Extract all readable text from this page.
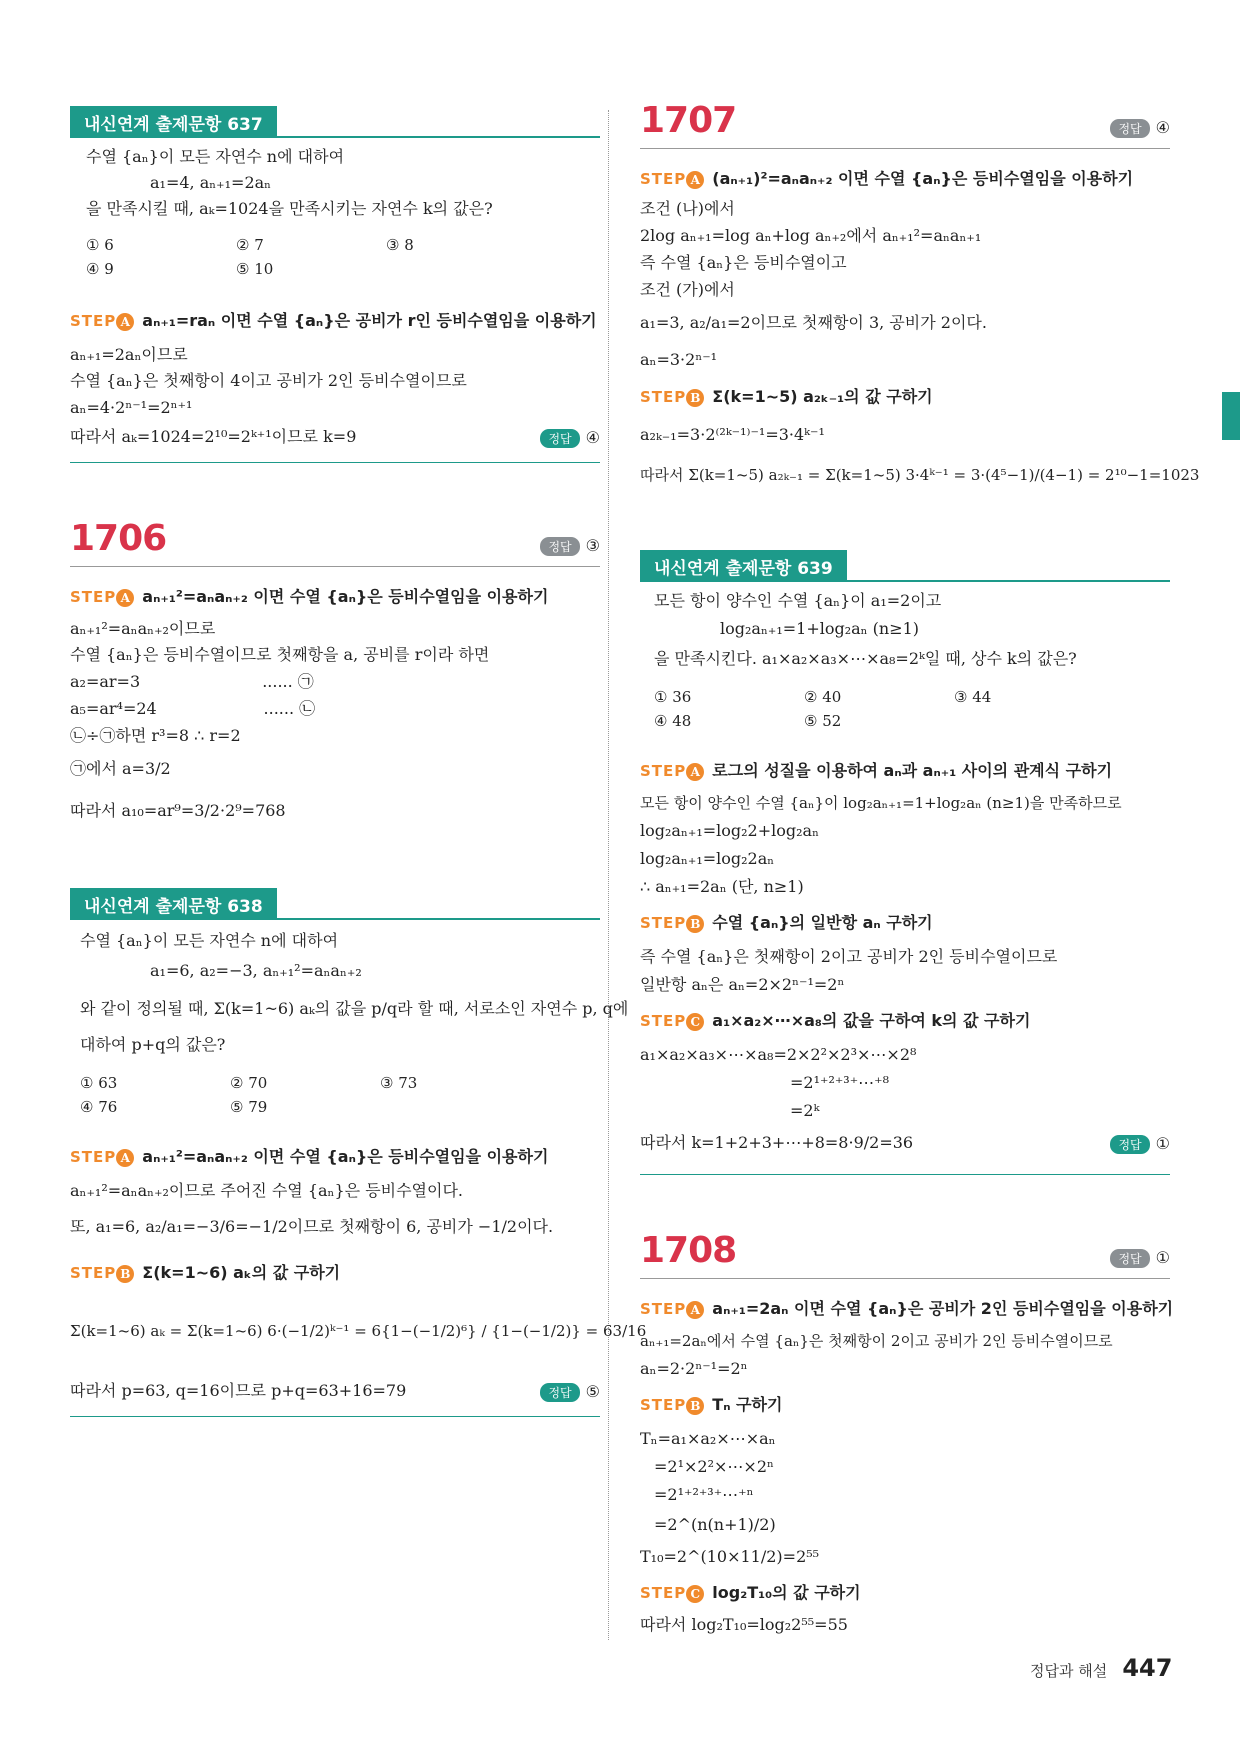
내신연계 출제문항 637
수열 {aₙ}이 모든 자연수 n에 대하여
a₁=4, aₙ₊₁=2aₙ
을 만족시킬 때, aₖ=1024을 만족시키는 자연수 k의 값은?
① 6	② 7	③ 8
④ 9	⑤ 10
STEP A aₙ₊₁=raₙ 이면 수열 {aₙ}은 공비가 r인 등비수열임을 이용하기
aₙ₊₁=2aₙ이므로
수열 {aₙ}은 첫째항이 4이고 공비가 2인 등비수열이므로
aₙ=4·2ⁿ⁻¹=2ⁿ⁺¹
따라서 aₖ=1024=2¹⁰=2ᵏ⁺¹이므로 k=9	정답 ④
1706	정답 ③
STEP A aₙ₊₁²=aₙaₙ₊₂ 이면 수열 {aₙ}은 등비수열임을 이용하기
aₙ₊₁²=aₙaₙ₊₂이므로
수열 {aₙ}은 등비수열이므로 첫째항을 a, 공비를 r이라 하면
a₂=ar=3                        ...... ㉠
a₅=ar⁴=24                     ...... ㉡
㉡÷㉠하면 r³=8 ∴ r=2
㉠에서 a=3/2
따라서 a₁₀=ar⁹=3/2·2⁹=768
내신연계 출제문항 638
수열 {aₙ}이 모든 자연수 n에 대하여
a₁=6, a₂=−3, aₙ₊₁²=aₙaₙ₊₂
와 같이 정의될 때, Σ(k=1~6) aₖ의 값을 p/q라 할 때, 서로소인 자연수 p, q에
대하여 p+q의 값은?
① 63	② 70	③ 73
④ 76	⑤ 79
STEP A aₙ₊₁²=aₙaₙ₊₂ 이면 수열 {aₙ}은 등비수열임을 이용하기
aₙ₊₁²=aₙaₙ₊₂이므로 주어진 수열 {aₙ}은 등비수열이다.
또, a₁=6, a₂/a₁=−3/6=−1/2이므로 첫째항이 6, 공비가 −1/2이다.
STEP B Σ(k=1~6) aₖ의 값 구하기
Σ(k=1~6) aₖ = Σ(k=1~6) 6·(−1/2)ᵏ⁻¹ = 6{1−(−1/2)⁶} / {1−(−1/2)} = 63/16
따라서 p=63, q=16이므로 p+q=63+16=79	정답 ⑤
1707	정답 ④
STEP A (aₙ₊₁)²=aₙaₙ₊₂ 이면 수열 {aₙ}은 등비수열임을 이용하기
조건 (나)에서
2log aₙ₊₁=log aₙ+log aₙ₊₂에서 aₙ₊₁²=aₙaₙ₊₁
즉 수열 {aₙ}은 등비수열이고
조건 (가)에서
a₁=3, a₂/a₁=2이므로 첫째항이 3, 공비가 2이다.
aₙ=3·2ⁿ⁻¹
STEP B Σ(k=1~5) a₂ₖ₋₁의 값 구하기
a₂ₖ₋₁=3·2⁽²ᵏ⁻¹⁾⁻¹=3·4ᵏ⁻¹
따라서 Σ(k=1~5) a₂ₖ₋₁ = Σ(k=1~5) 3·4ᵏ⁻¹ = 3·(4⁵−1)/(4−1) = 2¹⁰−1=1023
내신연계 출제문항 639
모든 항이 양수인 수열 {aₙ}이 a₁=2이고
log₂aₙ₊₁=1+log₂aₙ (n≥1)
을 만족시킨다. a₁×a₂×a₃×⋯×a₈=2ᵏ일 때, 상수 k의 값은?
① 36	② 40	③ 44
④ 48	⑤ 52
STEP A 로그의 성질을 이용하여 aₙ과 aₙ₊₁ 사이의 관계식 구하기
모든 항이 양수인 수열 {aₙ}이 log₂aₙ₊₁=1+log₂aₙ (n≥1)을 만족하므로
log₂aₙ₊₁=log₂2+log₂aₙ
log₂aₙ₊₁=log₂2aₙ
∴ aₙ₊₁=2aₙ (단, n≥1)
STEP B 수열 {aₙ}의 일반항 aₙ 구하기
즉 수열 {aₙ}은 첫째항이 2이고 공비가 2인 등비수열이므로
일반항 aₙ은 aₙ=2×2ⁿ⁻¹=2ⁿ
STEP C a₁×a₂×⋯×a₈의 값을 구하여 k의 값 구하기
a₁×a₂×a₃×⋯×a₈=2×2²×2³×⋯×2⁸
=2¹⁺²⁺³⁺⋯⁺⁸
=2ᵏ
따라서 k=1+2+3+⋯+8=8·9/2=36	정답 ①
1708	정답 ①
STEP A aₙ₊₁=2aₙ 이면 수열 {aₙ}은 공비가 2인 등비수열임을 이용하기
aₙ₊₁=2aₙ에서 수열 {aₙ}은 첫째항이 2이고 공비가 2인 등비수열이므로
aₙ=2·2ⁿ⁻¹=2ⁿ
STEP B Tₙ 구하기
Tₙ=a₁×a₂×⋯×aₙ
=2¹×2²×⋯×2ⁿ
=2¹⁺²⁺³⁺⋯⁺ⁿ
=2^(n(n+1)/2)
T₁₀=2^(10×11/2)=2⁵⁵
STEP C log₂T₁₀의 값 구하기
따라서 log₂T₁₀=log₂2⁵⁵=55
정답과 해설 447
